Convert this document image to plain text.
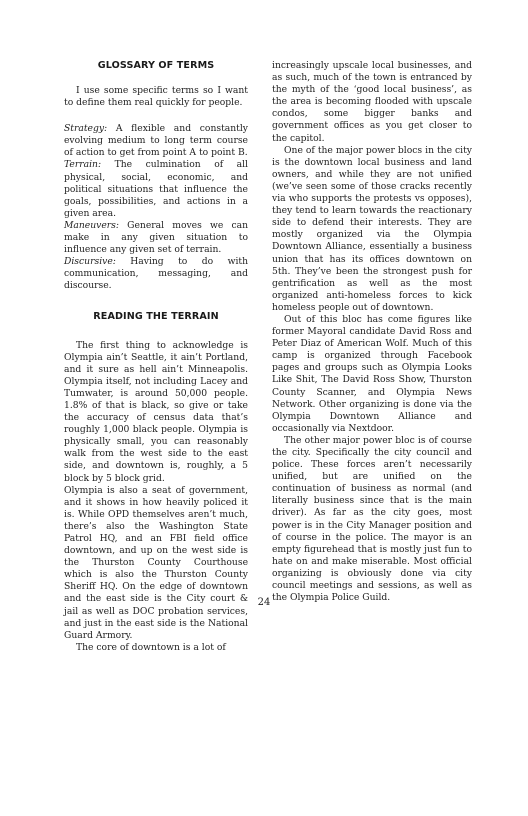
GLOSSARY OF TERMS

I use some specific terms so I want to define them real quickly for people.

Strategy: A flexible and constantly evolving medium to long term course of action to get from point A to point B.

Terrain: The culmination of all physical, social, economic, and political situations that influence the goals, possibilities, and actions in a given area.

Maneuvers: General moves we can make in any given situation to influence any given set of terrain.

Discursive: Having to do with communication, messaging, and discourse.

READING THE TERRAIN

The first thing to acknowledge is Olympia ain’t Seattle, it ain’t Portland, and it sure as hell ain’t Minneapolis. Olympia itself, not including Lacey and Tumwater, is around 50,000 people. 1.8% of that is black, so give or take the accuracy of census data that’s roughly 1,000 black people. Olympia is physically small, you can reasonably walk from the west side to the east side, and downtown is, roughly, a 5 block by 5 block grid.

Olympia is also a seat of government, and it shows in how heavily policed it is. While OPD themselves aren’t much, there’s also the Washington State Patrol HQ, and an FBI field office downtown, and up on the west side is the Thurston County Courthouse which is also the Thurston County Sheriff HQ. On the edge of downtown and the east side is the City court & jail as well as DOC probation services, and just in the east side is the National Guard Armory.

The core of downtown is a lot of

increasingly upscale local businesses, and as such, much of the town is entranced by the myth of the ‘good local business’, as the area is becoming flooded with upscale condos, some bigger banks and government offices as you get closer to the capitol.

One of the major power blocs in the city is the downtown local business and land owners, and while they are not unified (we’ve seen some of those cracks recently via who supports the protests vs opposes), they tend to learn towards the reactionary side to defend their interests. They are mostly organized via the Olympia Downtown Alliance, essentially a business union that has its offices downtown on 5th. They’ve been the strongest push for gentrification as well as the most organized anti-homeless forces to kick homeless people out of downtown.

Out of this bloc has come figures like former Mayoral candidate David Ross and Peter Diaz of American Wolf. Much of this camp is organized through Facebook pages and groups such as Olympia Looks Like Shit, The David Ross Show, Thurston County Scanner, and Olympia News Network. Other organizing is done via the Olympia Downtown Alliance and occasionally via Nextdoor.

The other major power bloc is of course the city. Specifically the city council and police. These forces aren’t necessarily unified, but are unified on the continuation of business as normal (and literally business since that is the main driver). As far as the city goes, most power is in the City Manager position and of course in the police. The mayor is an empty figurehead that is mostly just fun to hate on and make miserable. Most official organizing is obviously done via city council meetings and sessions, as well as the Olympia Police Guild.

24
